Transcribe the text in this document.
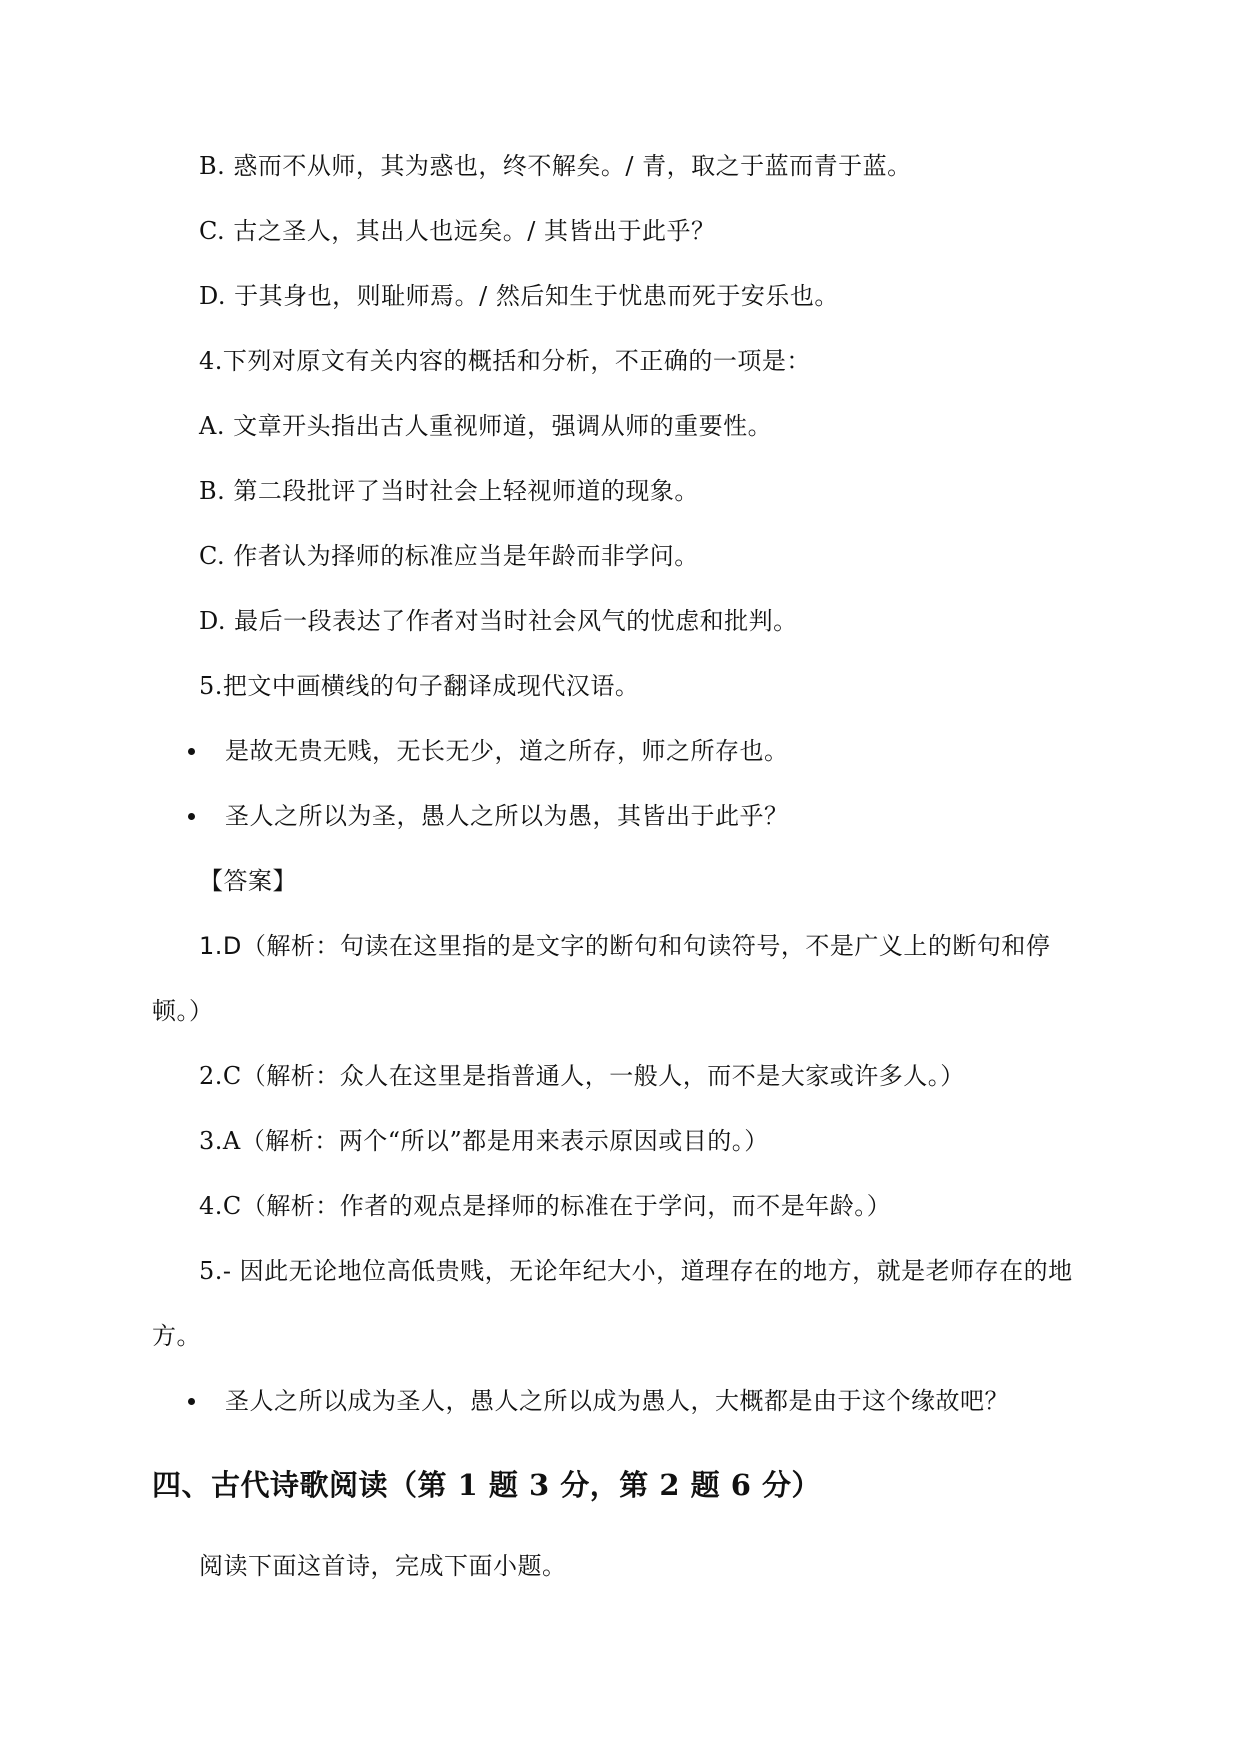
B. 惑而不从师，其为惑也，终不解矣。/ 青，取之于蓝而青于蓝。
C. 古之圣人，其出人也远矣。/ 其皆出于此乎？
D. 于其身也，则耻师焉。/ 然后知生于忧患而死于安乐也。
4.下列对原文有关内容的概括和分析，不正确的一项是：
A. 文章开头指出古人重视师道，强调从师的重要性。
B. 第二段批评了当时社会上轻视师道的现象。
C. 作者认为择师的标准应当是年龄而非学问。
D. 最后一段表达了作者对当时社会风气的忧虑和批判。
5.把文中画横线的句子翻译成现代汉语。
是故无贵无贱，无长无少，道之所存，师之所存也。
圣人之所以为圣，愚人之所以为愚，其皆出于此乎？
【答案】
1.D（解析：句读在这里指的是文字的断句和句读符号，不是广义上的断句和停
顿。）
2.C（解析：众人在这里是指普通人，一般人，而不是大家或许多人。）
3.A（解析：两个“所以”都是用来表示原因或目的。）
4.C（解析：作者的观点是择师的标准在于学问，而不是年龄。）
5.- 因此无论地位高低贵贱，无论年纪大小，道理存在的地方，就是老师存在的地
方。
圣人之所以成为圣人，愚人之所以成为愚人，大概都是由于这个缘故吧？
四、古代诗歌阅读（第 1 题 3 分，第 2 题 6 分）
阅读下面这首诗，完成下面小题。
